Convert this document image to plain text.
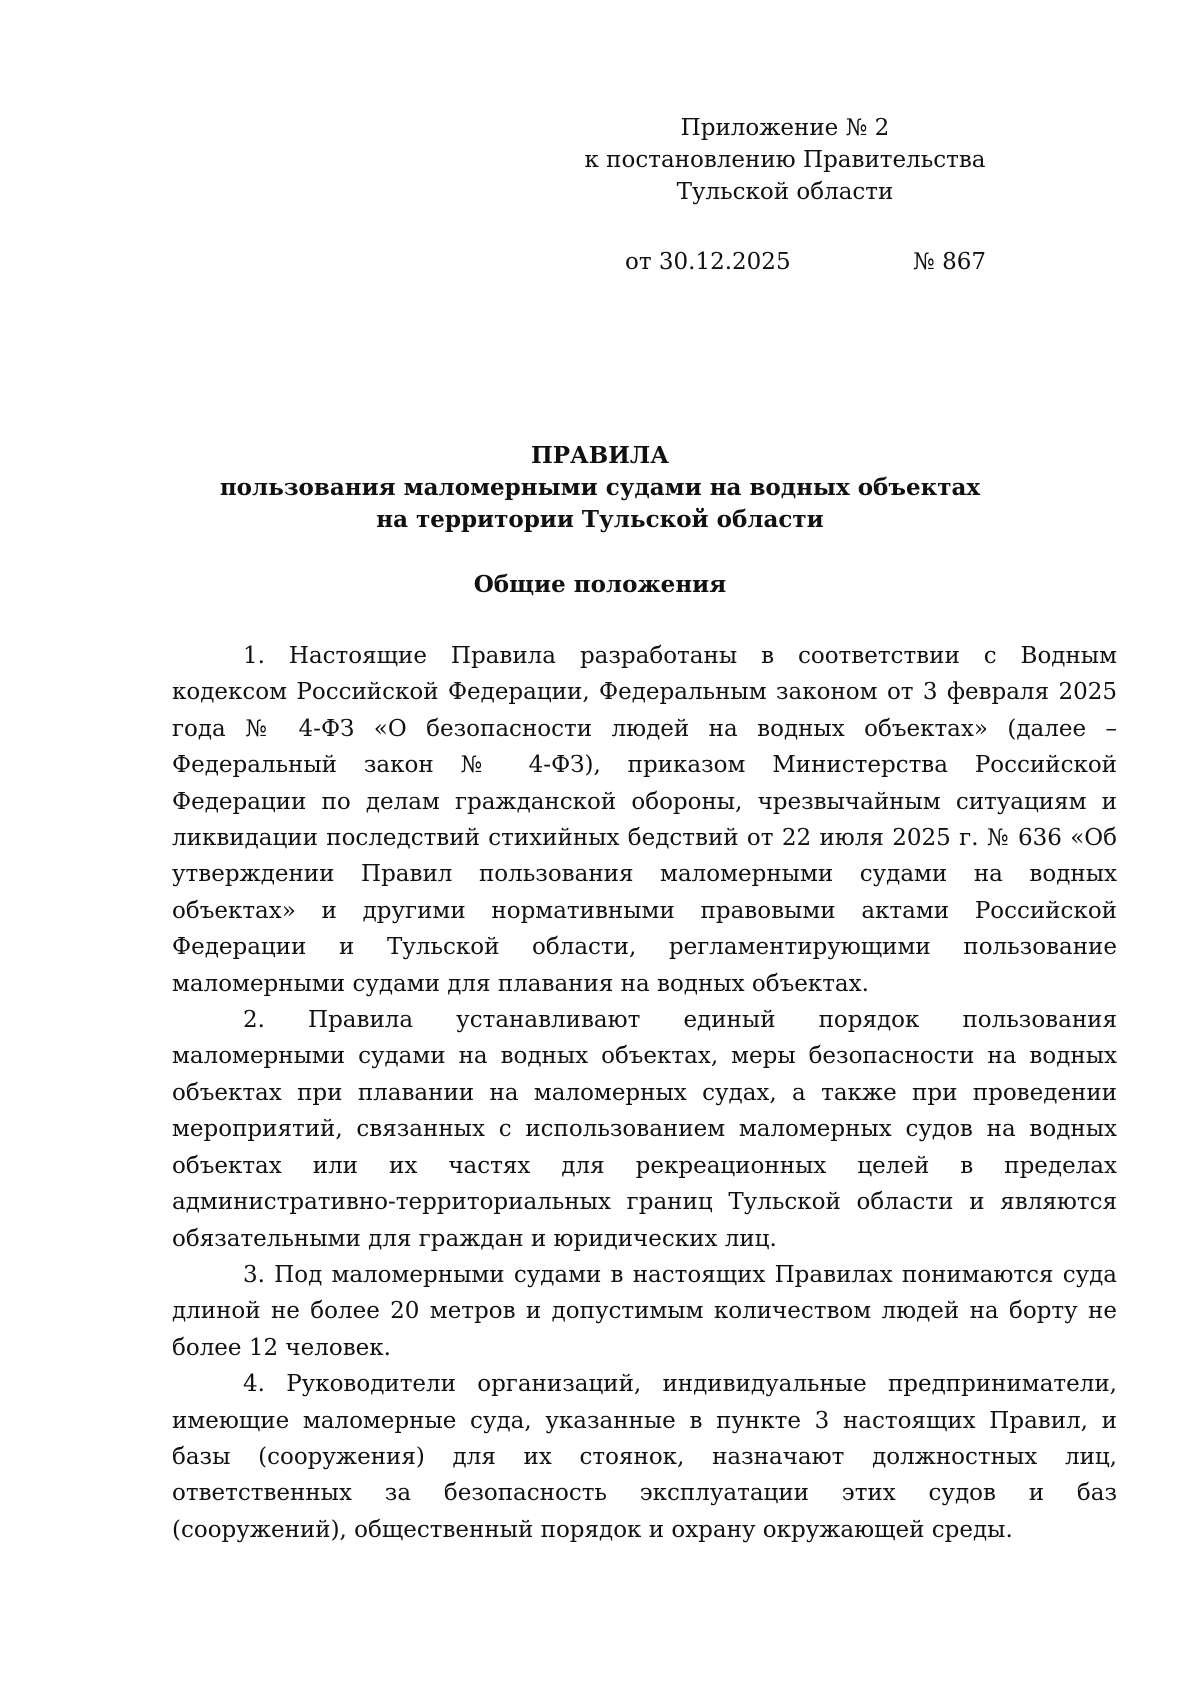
Приложение № 2
к постановлению Правительства
Тульской области
от 30.12.2025	№ 867
ПРАВИЛА
пользования маломерными судами на водных объектах
на территории Тульской области
Общие положения

1. Настоящие Правила разработаны в соответствии с Водным кодексом Российской Федерации, Федеральным законом от 3 февраля 2025 года № 4-ФЗ «О безопасности людей на водных объектах» (далее – Федеральный закон № 4-ФЗ), приказом Министерства Российской Федерации по делам гражданской обороны, чрезвычайным ситуациям и ликвидации последствий стихийных бедствий от 22 июля 2025 г. № 636 «Об утверждении Правил пользования маломерными судами на водных объектах» и другими нормативными правовыми актами Российской Федерации и Тульской области, регламентирующими пользование маломерными судами для плавания на водных объектах.

2. Правила устанавливают единый порядок пользования маломерными судами на водных объектах, меры безопасности на водных объектах при плавании на маломерных судах, а также при проведении мероприятий, связанных с использованием маломерных судов на водных объектах или их частях для рекреационных целей в пределах административно-территориальных границ Тульской области и являются обязательными для граждан и юридических лиц.

3. Под маломерными судами в настоящих Правилах понимаются суда длиной не более 20 метров и допустимым количеством людей на борту не более 12 человек.

4. Руководители организаций, индивидуальные предприниматели, имеющие маломерные суда, указанные в пункте 3 настоящих Правил, и базы (сооружения) для их стоянок, назначают должностных лиц, ответственных за безопасность эксплуатации этих судов и баз (сооружений), общественный порядок и охрану окружающей среды.
